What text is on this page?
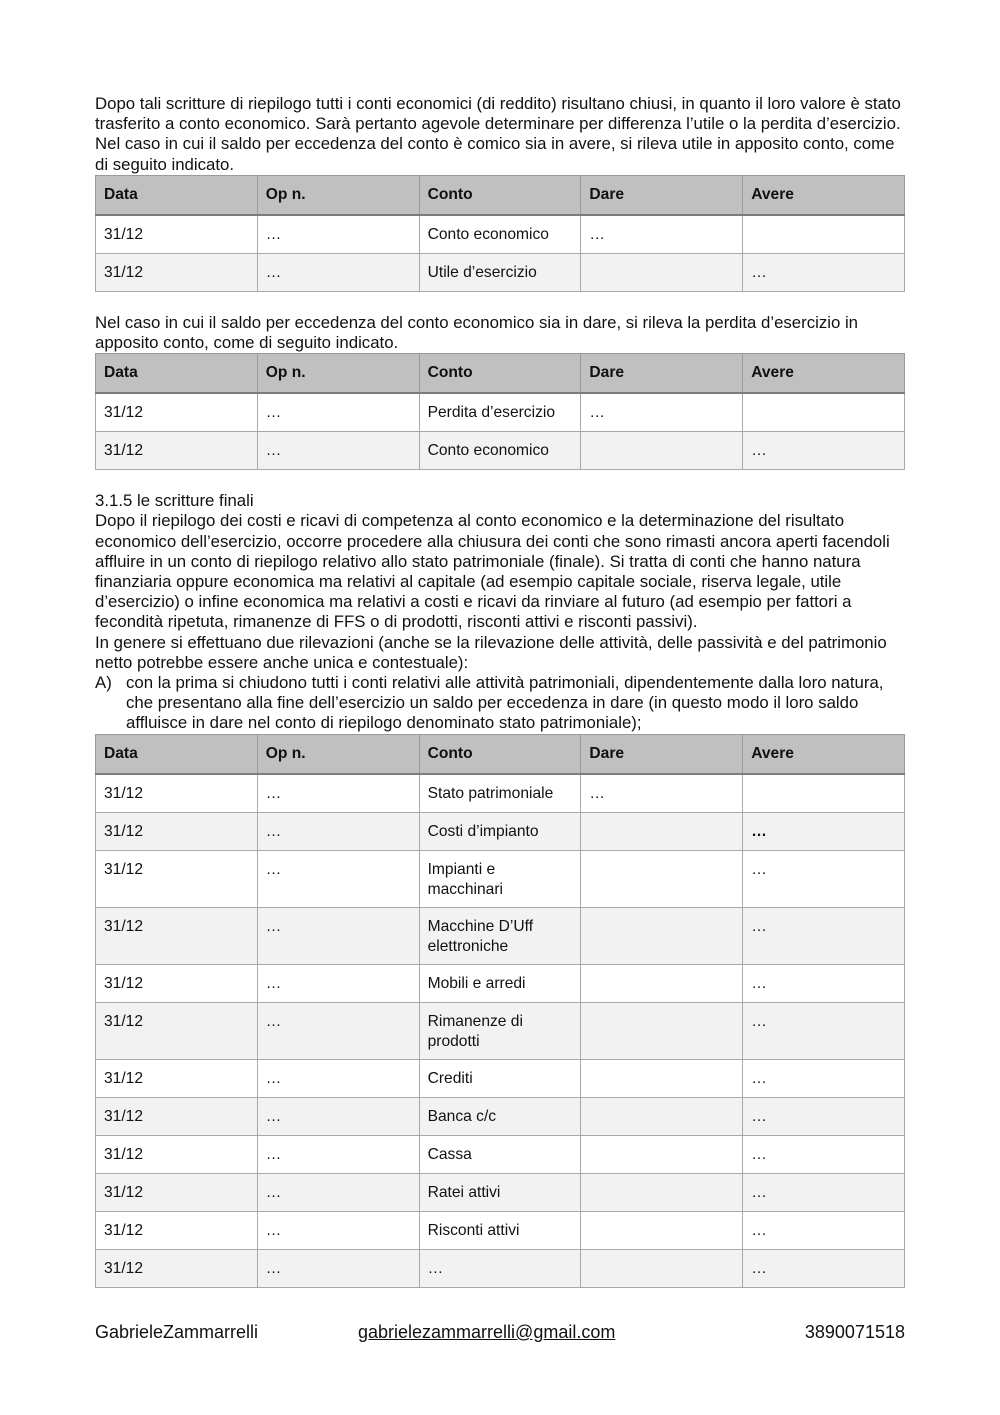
Dopo tali scritture di riepilogo tutti i conti economici (di reddito) risultano chiusi, in quanto il loro valore è stato trasferito a conto economico. Sarà pertanto agevole determinare per differenza l’utile o la perdita d’esercizio. Nel caso in cui il saldo per eccedenza del conto è comico sia in avere, si rileva utile in apposito conto, come di seguito indicato.

Data	Op n.	Conto	Dare	Avere
31/12	…	Conto economico	…	
31/12	…	Utile d’esercizio		…

Nel caso in cui il saldo per eccedenza del conto economico sia in dare, si rileva la perdita d’esercizio in apposito conto, come di seguito indicato.

Data	Op n.	Conto	Dare	Avere
31/12	…	Perdita d’esercizio	…	
31/12	…	Conto economico		…

3.1.5 le scritture finali

Dopo il riepilogo dei costi e ricavi di competenza al conto economico e la determinazione del risultato economico dell’esercizio, occorre procedere alla chiusura dei conti che sono rimasti ancora aperti facendoli affluire in un conto di riepilogo relativo allo stato patrimoniale (finale). Si tratta di conti che hanno natura finanziaria oppure economica ma relativi al capitale (ad esempio capitale sociale, riserva legale, utile d’esercizio) o infine economica ma relativi a costi e ricavi da rinviare al futuro (ad esempio per fattori a fecondità ripetuta, rimanenze di FFS o di prodotti, risconti attivi e risconti passivi).

In genere si effettuano due rilevazioni (anche se la rilevazione delle attività, delle passività e del patrimonio netto potrebbe essere anche unica e contestuale):

A) con la prima si chiudono tutti i conti relativi alle attività patrimoniali, dipendentemente dalla loro natura, che presentano alla fine dell’esercizio un saldo per eccedenza in dare (in questo modo il loro saldo affluisce in dare nel conto di riepilogo denominato stato patrimoniale);

Data	Op n.	Conto	Dare	Avere
31/12	…	Stato patrimoniale	…	
31/12	…	Costi d’impianto		…
31/12	…	Impianti e macchinari		…
31/12	…	Macchine D’Uff elettroniche		…
31/12	…	Mobili e arredi		…
31/12	…	Rimanenze di prodotti		…
31/12	…	Crediti		…
31/12	…	Banca c/c		…
31/12	…	Cassa		…
31/12	…	Ratei attivi		…
31/12	…	Risconti attivi		…
31/12	…	…		…
GabrieleZammarrelli	gabrielezammarrelli@gmail.com	3890071518
